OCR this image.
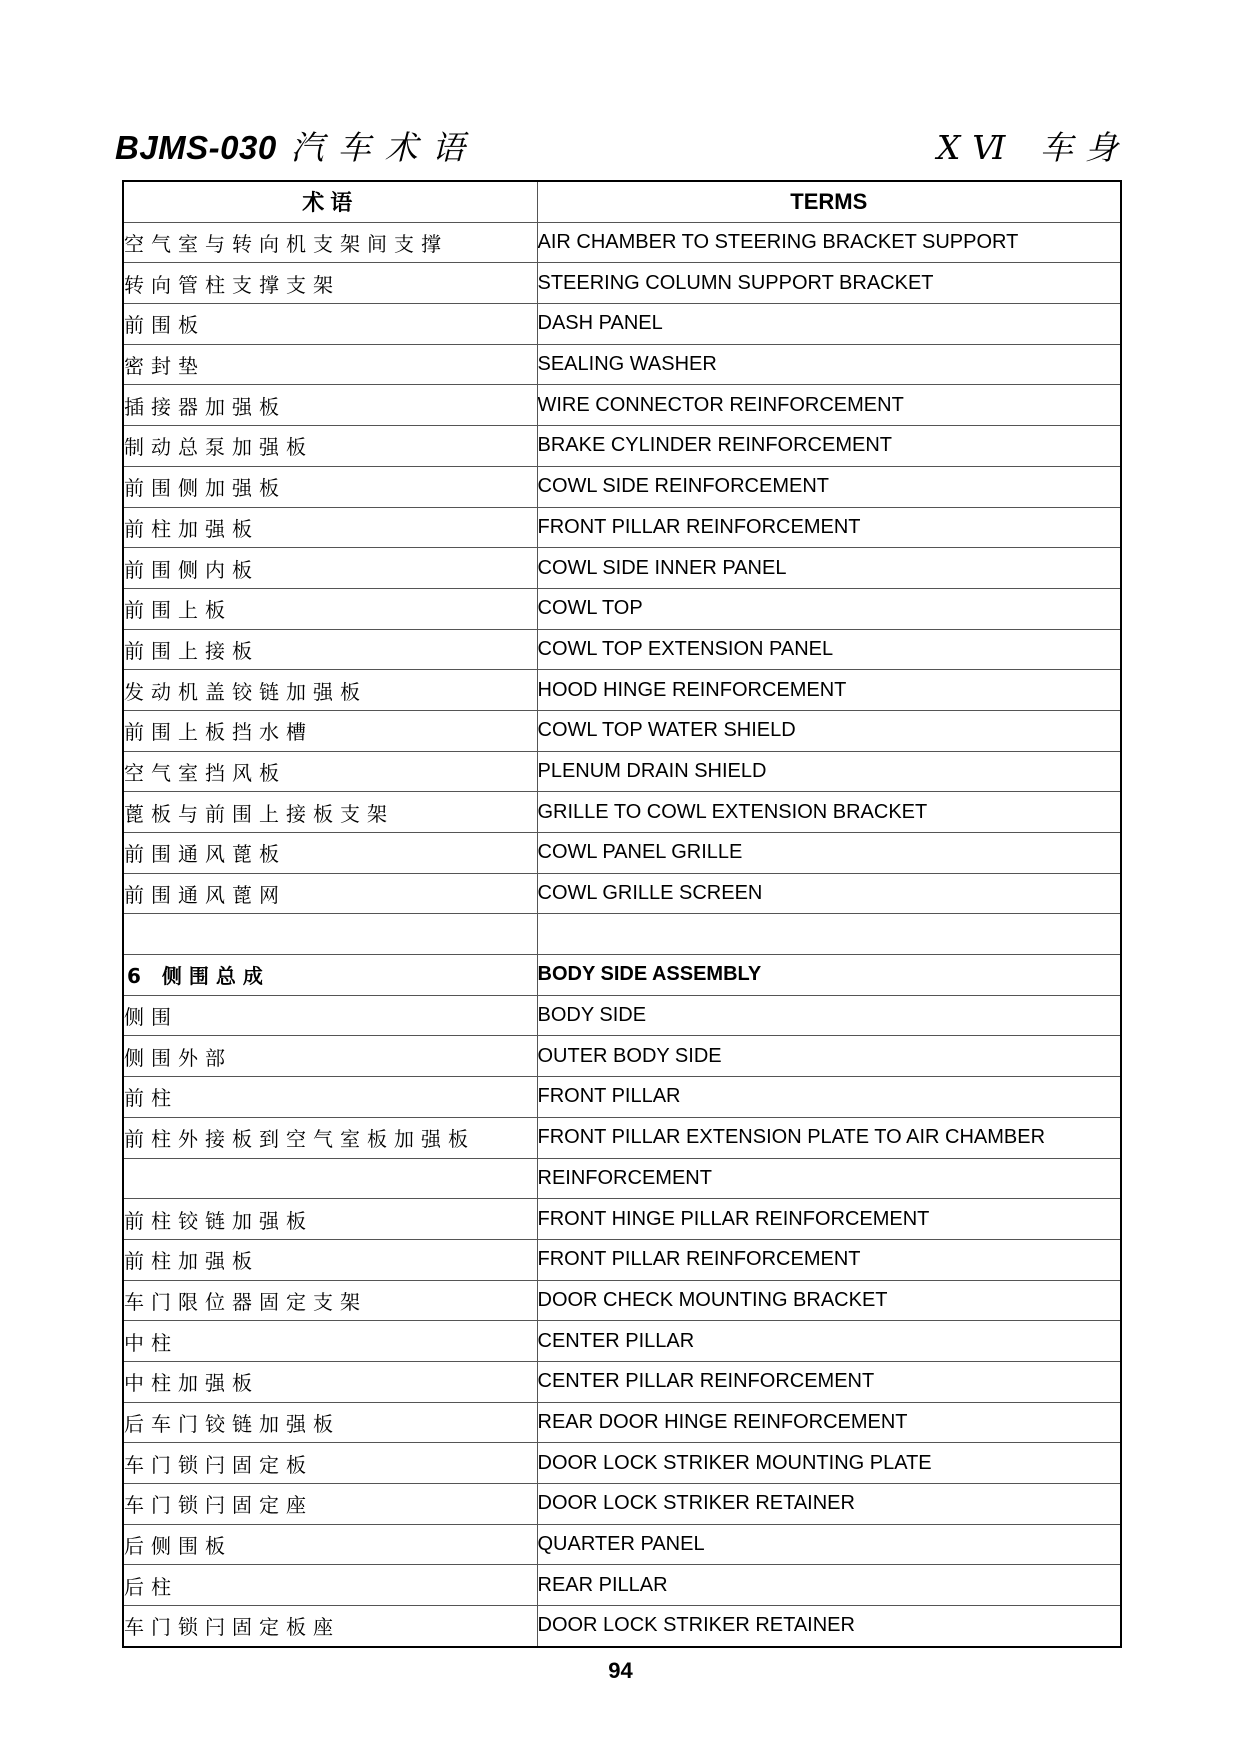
BJMS-030 汽车术语	XⅥ 车身
术语	TERMS
空气室与转向机支架间支撑	AIR CHAMBER TO STEERING BRACKET SUPPORT
转向管柱支撑支架	STEERING COLUMN SUPPORT BRACKET
前围板	DASH PANEL
密封垫	SEALING WASHER
插接器加强板	WIRE CONNECTOR REINFORCEMENT
制动总泵加强板	BRAKE CYLINDER REINFORCEMENT
前围侧加强板	COWL SIDE REINFORCEMENT
前柱加强板	FRONT PILLAR REINFORCEMENT
前围侧内板	COWL SIDE INNER PANEL
前围上板	COWL TOP
前围上接板	COWL TOP EXTENSION PANEL
发动机盖铰链加强板	HOOD HINGE REINFORCEMENT
前围上板挡水槽	COWL TOP WATER SHIELD
空气室挡风板	PLENUM DRAIN SHIELD
蓖板与前围上接板支架	GRILLE TO COWL EXTENSION BRACKET
前围通风蓖板	COWL PANEL GRILLE
前围通风蓖网	COWL GRILLE SCREEN

6 侧围总成	BODY SIDE ASSEMBLY
侧围	BODY SIDE
侧围外部	OUTER BODY SIDE
前柱	FRONT PILLAR
前柱外接板到空气室板加强板	FRONT PILLAR EXTENSION PLATE TO AIR CHAMBER
	REINFORCEMENT
前柱铰链加强板	FRONT HINGE PILLAR REINFORCEMENT
前柱加强板	FRONT PILLAR REINFORCEMENT
车门限位器固定支架	DOOR CHECK MOUNTING BRACKET
中柱	CENTER PILLAR
中柱加强板	CENTER PILLAR REINFORCEMENT
后车门铰链加强板	REAR DOOR HINGE REINFORCEMENT
车门锁闩固定板	DOOR LOCK STRIKER MOUNTING PLATE
车门锁闩固定座	DOOR LOCK STRIKER RETAINER
后侧围板	QUARTER PANEL
后柱	REAR PILLAR
车门锁闩固定板座	DOOR LOCK STRIKER RETAINER
94
